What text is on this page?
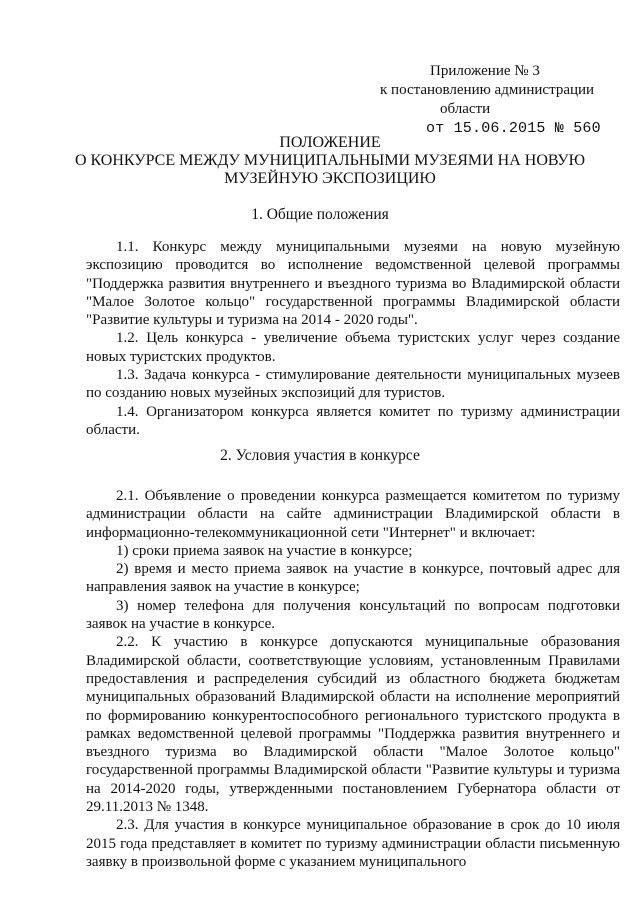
Приложение № 3
к постановлению администрации
области
от 15.06.2015 № 560
ПОЛОЖЕНИЕ
О КОНКУРСЕ МЕЖДУ МУНИЦИПАЛЬНЫМИ МУЗЕЯМИ НА НОВУЮ
МУЗЕЙНУЮ ЭКСПОЗИЦИЮ
1. Общие положения

1.1. Конкурс между муниципальными музеями на новую музейную экспозицию проводится во исполнение ведомственной целевой программы "Поддержка развития внутреннего и въездного туризма во Владимирской области "Малое Золотое кольцо" государственной программы Владимирской области "Развитие культуры и туризма на 2014 - 2020 годы".

1.2. Цель конкурса - увеличение объема туристских услуг через создание новых туристских продуктов.

1.3. Задача конкурса - стимулирование деятельности муниципальных музеев по созданию новых музейных экспозиций для туристов.

1.4. Организатором конкурса является комитет по туризму администрации области.

2. Условия участия в конкурсе

2.1. Объявление о проведении конкурса размещается комитетом по туризму администрации области на сайте администрации Владимирской области в информационно-телекоммуникационной сети "Интернет" и включает:

1) сроки приема заявок на участие в конкурсе;

2) время и место приема заявок на участие в конкурсе, почтовый адрес для направления заявок на участие в конкурсе;

3) номер телефона для получения консультаций по вопросам подготовки заявок на участие в конкурсе.

2.2. К участию в конкурсе допускаются муниципальные образования Владимирской области, соответствующие условиям, установленным Правилами предоставления и распределения субсидий из областного бюджета бюджетам муниципальных образований Владимирской области на исполнение мероприятий по формированию конкурентоспособного регионального туристского продукта в рамках ведомственной целевой программы "Поддержка развития внутреннего и въездного туризма во Владимирской области "Малое Золотое кольцо" государственной программы Владимирской области "Развитие культуры и туризма на 2014-2020 годы, утвержденными постановлением Губернатора области от 29.11.2013 № 1348.

2.3. Для участия в конкурсе муниципальное образование в срок до 10 июля 2015 года представляет в комитет по туризму администрации области письменную заявку в произвольной форме с указанием муниципального
